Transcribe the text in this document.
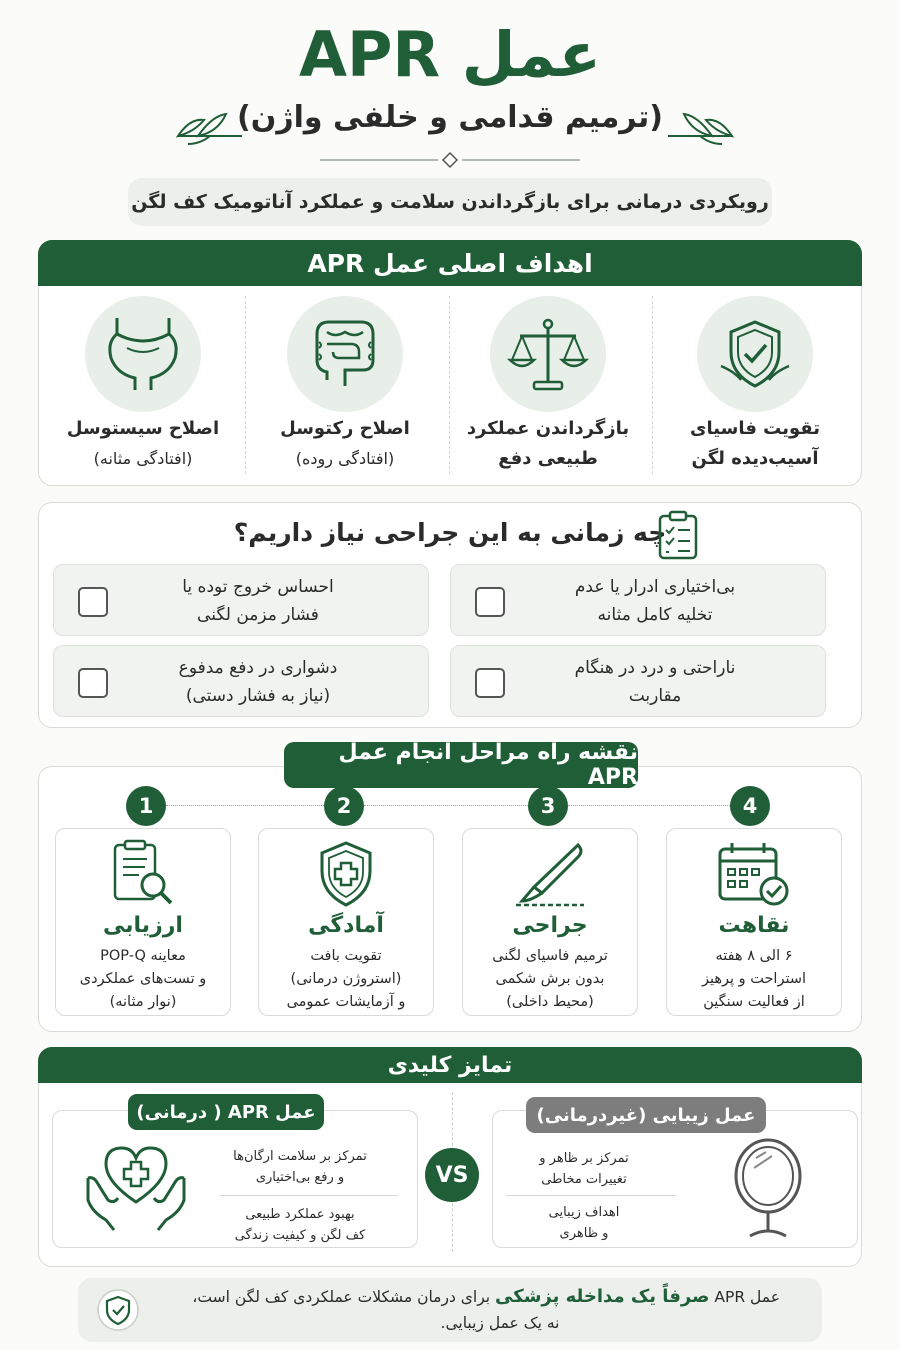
عمل APR
(ترمیم قدامی و خلفی واژن)
رویکردی درمانی برای بازگرداندن سلامت و عملکرد آناتومیک کف لگن
اهداف اصلی عمل APR
تقویت فاسیای
آسیب‌دیده لگن
بازگرداندن عملکرد
طبیعی دفع
اصلاح رکتوسل
(افتادگی روده)
اصلاح سیستوسل
(افتادگی مثانه)
چه زمانی به این جراحی نیاز داریم؟
بی‌اختیاری ادرار یا عدم
تخلیه کامل مثانه
احساس خروج توده یا
فشار مزمن لگنی
ناراحتی و درد در هنگام
مقاربت
دشواری در دفع مدفوع
(نیاز به فشار دستی)
نقشه راه مراحل انجام عمل APR
1	2	3	4
ارزیابی
معاینه POP-Q
و تست‌های عملکردی
(نوار مثانه)
آمادگی
تقویت بافت
(استروژن درمانی)
و آزمایشات عمومی
جراحی
ترمیم فاسیای لگنی
بدون برش شکمی
(محیط داخلی)
نقاهت
۶ الی ۸ هفته
استراحت و پرهیز
از فعالیت سنگین
تمایز کلیدی
عمل APR ( درمانی)
تمرکز بر سلامت ارگان‌ها
و رفع بی‌اختیاری
بهبود عملکرد طبیعی
کف لگن و کیفیت زندگی
VS
عمل زیبایی (غیردرمانی)
تمرکز بر ظاهر و
تغییرات مخاطی
اهداف زیبایی
و ظاهری
عمل APR صرفاً یک مداخله پزشکی برای درمان مشکلات عملکردی کف لگن است،
نه یک عمل زیبایی.
